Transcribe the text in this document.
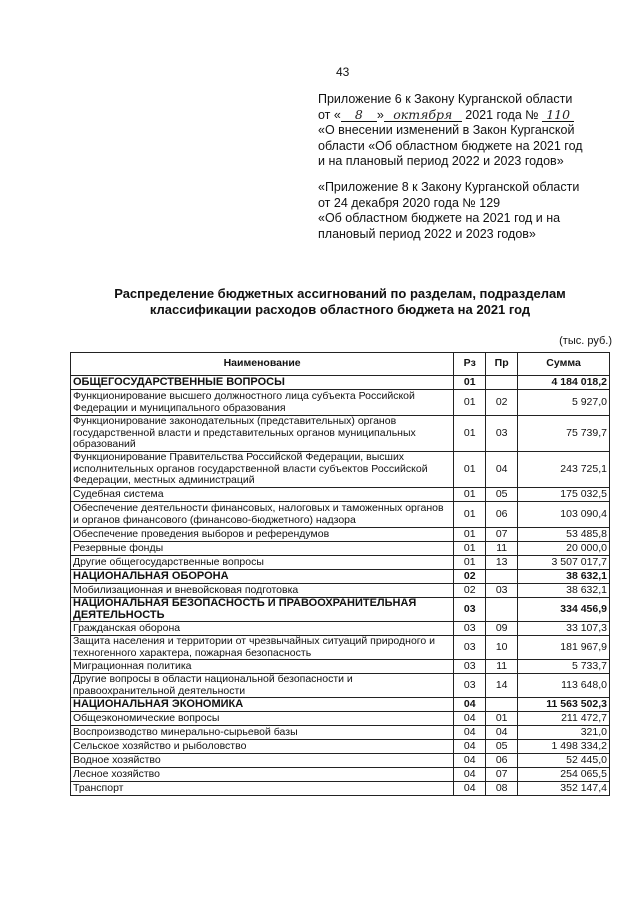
43
Приложение 6 к Закону Курганской области
от « 8 » октября 2021 года № 110
«О внесении изменений в Закон Курганской
области «Об областном бюджете на 2021 год
и на плановый период 2022 и 2023 годов»
«Приложение 8 к Закону Курганской области
от 24 декабря 2020 года № 129
«Об областном бюджете на 2021 год и на
плановый период 2022 и 2023 годов»
Распределение бюджетных ассигнований по разделам, подразделам
классификации расходов областного бюджета на 2021 год
(тыс. руб.)
Наименование	Рз	Пр	Сумма
ОБЩЕГОСУДАРСТВЕННЫЕ ВОПРОСЫ	01		4 184 018,2
Функционирование высшего должностного лица субъекта Российской Федерации и муниципального образования	01	02	5 927,0
Функционирование законодательных (представительных) органов государственной власти и представительных органов муниципальных образований	01	03	75 739,7
Функционирование Правительства Российской Федерации, высших исполнительных органов государственной власти субъектов Российской Федерации, местных администраций	01	04	243 725,1
Судебная система	01	05	175 032,5
Обеспечение деятельности финансовых, налоговых и таможенных органов и органов финансового (финансово-бюджетного) надзора	01	06	103 090,4
Обеспечение проведения выборов и референдумов	01	07	53 485,8
Резервные фонды	01	11	20 000,0
Другие общегосударственные вопросы	01	13	3 507 017,7
НАЦИОНАЛЬНАЯ ОБОРОНА	02		38 632,1
Мобилизационная и вневойсковая подготовка	02	03	38 632,1
НАЦИОНАЛЬНАЯ БЕЗОПАСНОСТЬ И ПРАВООХРАНИТЕЛЬНАЯ ДЕЯТЕЛЬНОСТЬ	03		334 456,9
Гражданская оборона	03	09	33 107,3
Защита населения и территории от чрезвычайных ситуаций природного и техногенного характера, пожарная безопасность	03	10	181 967,9
Миграционная политика	03	11	5 733,7
Другие вопросы в области национальной безопасности и правоохранительной деятельности	03	14	113 648,0
НАЦИОНАЛЬНАЯ ЭКОНОМИКА	04		11 563 502,3
Общеэкономические вопросы	04	01	211 472,7
Воспроизводство минерально-сырьевой базы	04	04	321,0
Сельское хозяйство и рыболовство	04	05	1 498 334,2
Водное хозяйство	04	06	52 445,0
Лесное хозяйство	04	07	254 065,5
Транспорт	04	08	352 147,4
